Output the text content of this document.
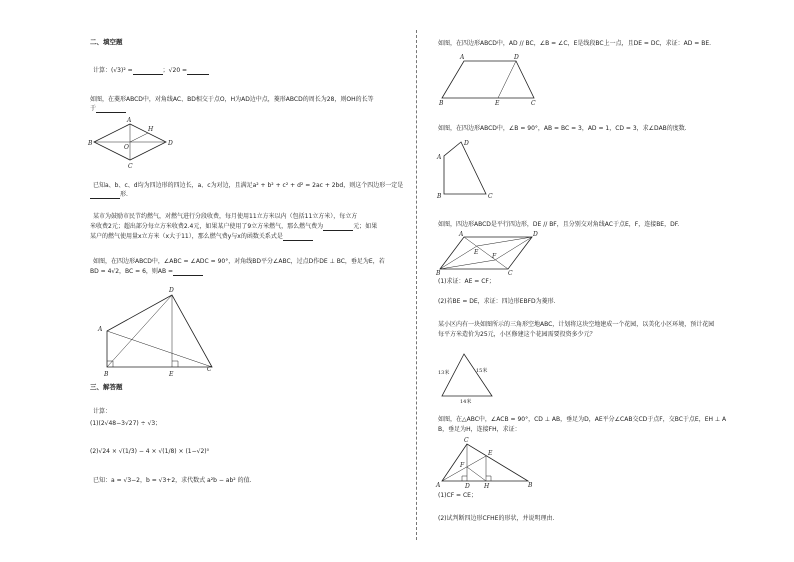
二、填空题
计算：(√3)² =	；√20 =
如图，在菱形ABCD中，对角线AC、BD相交于点O，H为AD边中点，菱形ABCD的周长为28，则OH的长等
于
B
A
H
O
C
D
已知a、b、c、d均为四边形的四边长，a、c为对边，且满足a² + b² + c² + d² = 2ac + 2bd，则这个四边形一定是
形.
某市为鼓励市民节约燃气，对燃气进行分段收费，每月使用11立方米以内（包括11立方米），每立方
米收费2元；超出部分每立方米收费2.4元，如果某户使用了9立方米燃气，那么燃气费为	元；如果
某户的燃气使用量x立方米（x大于11），那么燃气费y与x的函数关系式是
如图，在四边形ABCD中，∠ABC = ∠ADC = 90°，对角线BD平分∠ABC，过点D作DE ⊥ BC，垂足为E，若
BD = 4√2，BC = 6，则AB =
D
A
B	E
C
三、解答题
计算：
(1)(2√48−3√27) ÷ √3；
(2)√24 × √(1/3) − 4 × √(1/8) × (1−√2)⁰
已知：a = √3−2，b = √3+2，求代数式 a²b − ab² 的值.
如图，在四边形ABCD中，AD // BC，∠B = ∠C，E是线段BC上一点，且DE = DC，求证：AD = BE.
A	D
B	E	C
如图，在四边形ABCD中，∠B = 90°，AB = BC = 3，AD = 1，CD = 3，求∠DAB的度数.
D
A
B	C
如图，四边形ABCD是平行四边形，DE // BF，且分别交对角线AC于点E，F，连接BE，DF.
A	D
E
F
B	C
(1)求证：AE = CF；
(2)若BE = DE，求证：四边形EBFD为菱形.
某小区内有一块如图所示的三角形空地ABC，计划将这块空地建成一个花园，以美化小区环境，预计花园
每平方米造价为25元，小区修建这个花园需要投资多少元？
13米	15米
14米
如图，在△ABC中，∠ACB = 90°，CD ⊥ AB，垂足为D，AE平分∠CAB交CD于点F，交BC于点E，EH ⊥ A
B，垂足为H，连接FH，求证：
C
F
E
A	D H	B
(1)CF = CE；
(2)试判断四边形CFHE的形状，并说明理由.
